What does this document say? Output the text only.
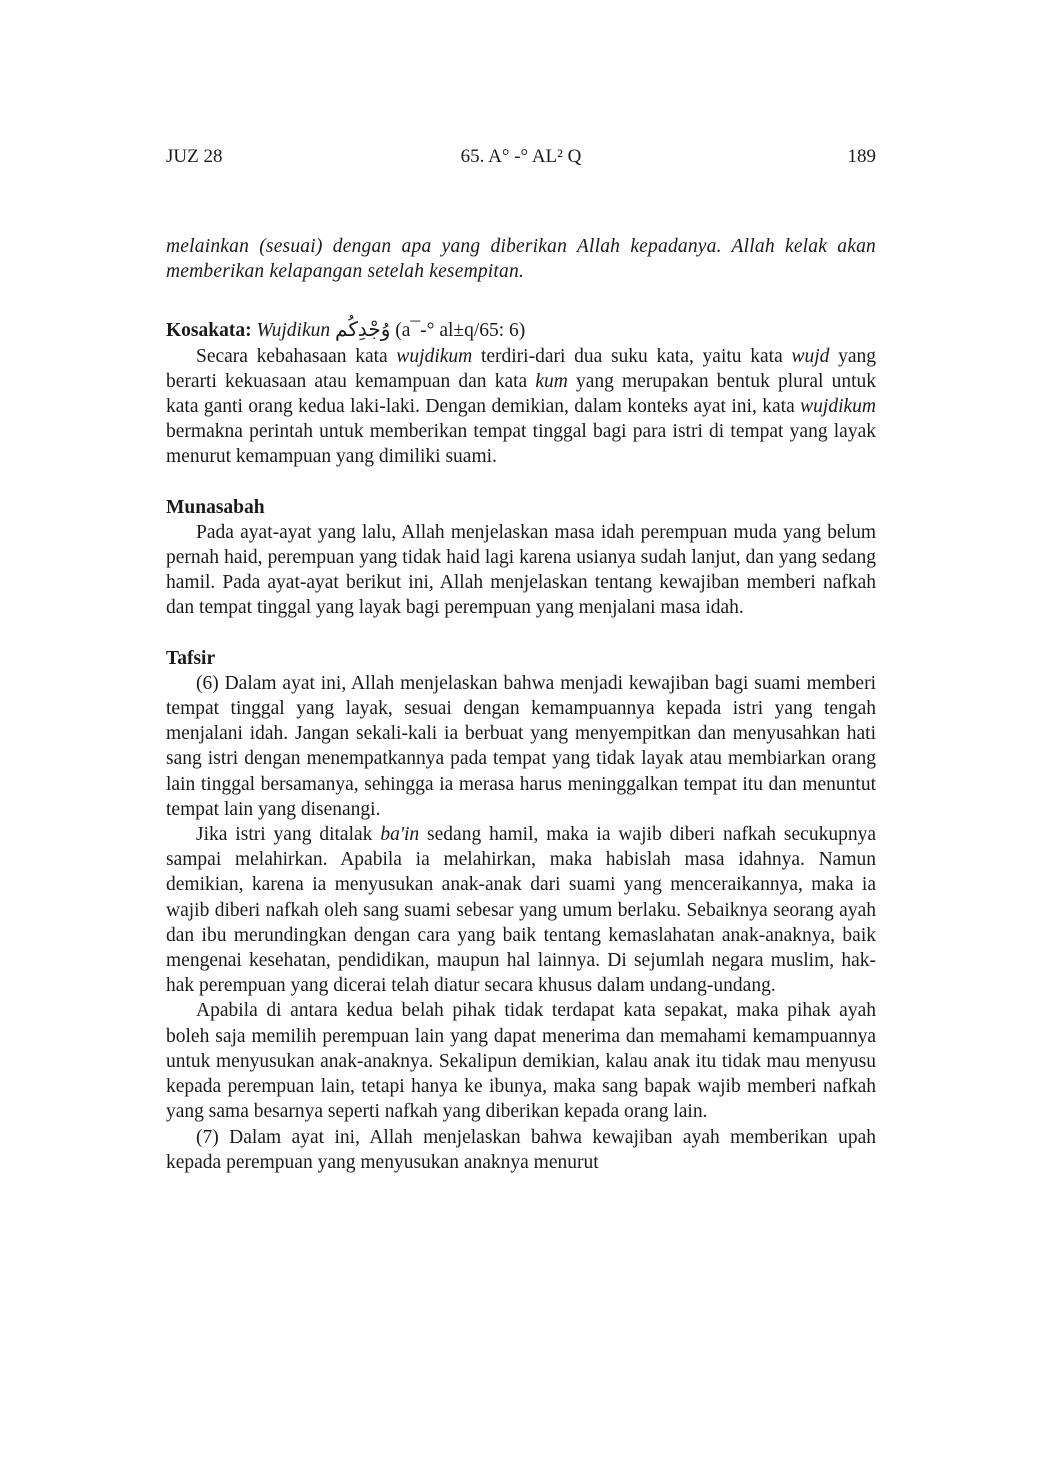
JUZ 28	65. A° -° AL² Q	189

melainkan (sesuai) dengan apa yang diberikan Allah kepadanya. Allah kelak akan memberikan kelapangan setelah kesempitan.

Kosakata: Wujdikun وُجْدِكُم (a¯-° al±q/65: 6)

Secara kebahasaan kata wujdikum terdiri-dari dua suku kata, yaitu kata wujd yang berarti kekuasaan atau kemampuan dan kata kum yang merupakan bentuk plural untuk kata ganti orang kedua laki-laki. Dengan demikian, dalam konteks ayat ini, kata wujdikum bermakna perintah untuk memberikan tempat tinggal bagi para istri di tempat yang layak menurut kemampuan yang dimiliki suami.

Munasabah

Pada ayat-ayat yang lalu, Allah menjelaskan masa idah perempuan muda yang belum pernah haid, perempuan yang tidak haid lagi karena usianya sudah lanjut, dan yang sedang hamil. Pada ayat-ayat berikut ini, Allah menjelaskan tentang kewajiban memberi nafkah dan tempat tinggal yang layak bagi perempuan yang menjalani masa idah.

Tafsir

(6) Dalam ayat ini, Allah menjelaskan bahwa menjadi kewajiban bagi suami memberi tempat tinggal yang layak, sesuai dengan kemampuannya kepada istri yang tengah menjalani idah. Jangan sekali-kali ia berbuat yang menyempitkan dan menyusahkan hati sang istri dengan menempatkannya pada tempat yang tidak layak atau membiarkan orang lain tinggal bersamanya, sehingga ia merasa harus meninggalkan tempat itu dan menuntut tempat lain yang disenangi.

Jika istri yang ditalak ba'in sedang hamil, maka ia wajib diberi nafkah secukupnya sampai melahirkan. Apabila ia melahirkan, maka habislah masa idahnya. Namun demikian, karena ia menyusukan anak-anak dari suami yang menceraikannya, maka ia wajib diberi nafkah oleh sang suami sebesar yang umum berlaku. Sebaiknya seorang ayah dan ibu merundingkan dengan cara yang baik tentang kemaslahatan anak-anaknya, baik mengenai kesehatan, pendidikan, maupun hal lainnya. Di sejumlah negara muslim, hak-hak perempuan yang dicerai telah diatur secara khusus dalam undang-undang.

Apabila di antara kedua belah pihak tidak terdapat kata sepakat, maka pihak ayah boleh saja memilih perempuan lain yang dapat menerima dan memahami kemampuannya untuk menyusukan anak-anaknya. Sekalipun demikian, kalau anak itu tidak mau menyusu kepada perempuan lain, tetapi hanya ke ibunya, maka sang bapak wajib memberi nafkah yang sama besarnya seperti nafkah yang diberikan kepada orang lain.

(7) Dalam ayat ini, Allah menjelaskan bahwa kewajiban ayah memberikan upah kepada perempuan yang menyusukan anaknya menurut
